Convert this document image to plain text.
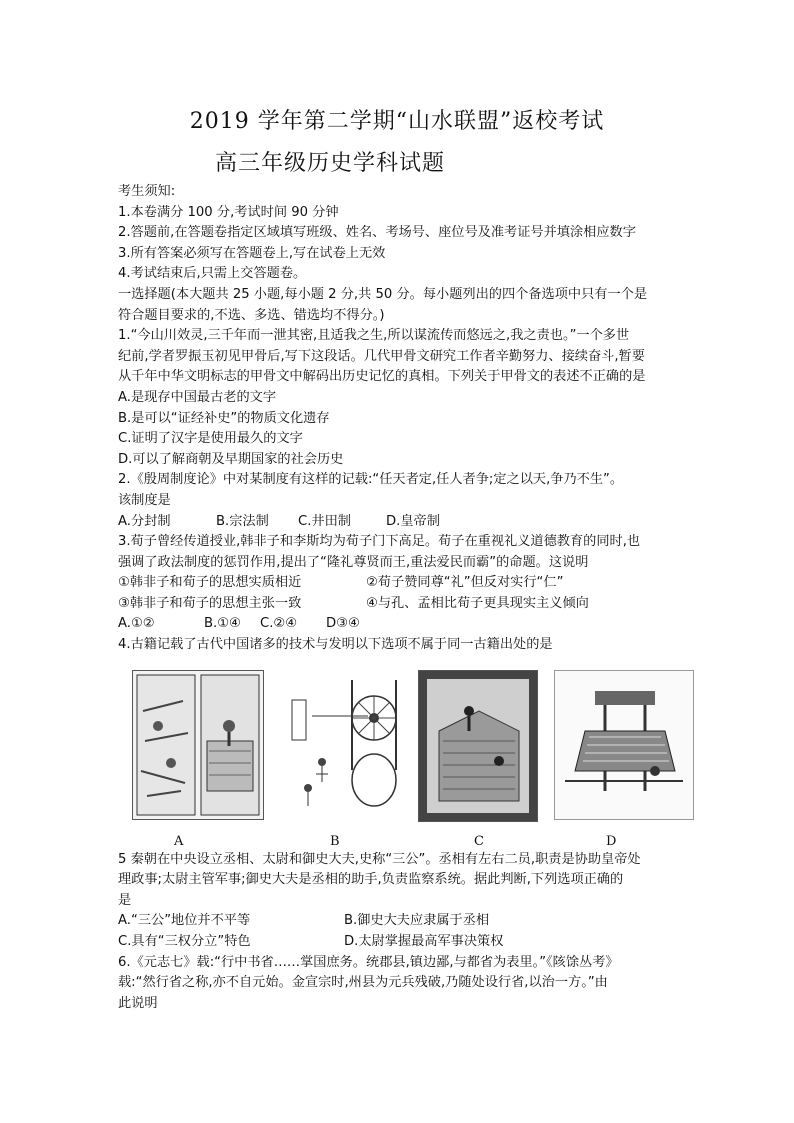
2019 学年第二学期“山水联盟”返校考试
高三年级历史学科试题
考生须知:
1.本卷满分 100 分,考试时间 90 分钟
2.答题前,在答题卷指定区域填写班级、姓名、考场号、座位号及准考证号并填涂相应数字
3.所有答案必须写在答题卷上,写在试卷上无效
4.考试结束后,只需上交答题卷。
一选择题(本大题共 25 小题,每小题 2 分,共 50 分。每小题列出的四个备选项中只有一个是
符合题目要求的,不选、多选、错选均不得分。)
1.“今山川效灵,三千年而一泄其密,且适我之生,所以谋流传而悠远之,我之责也。”一个多世
纪前,学者罗振玉初见甲骨后,写下这段话。几代甲骨文研究工作者辛勤努力、接续奋斗,暂要
从千年中华文明标志的甲骨文中解码出历史记忆的真相。下列关于甲骨文的表述不正确的是
A.是现存中国最古老的文字
B.是可以“证经补史”的物质文化遗存
C.证明了汉字是使用最久的文字
D.可以了解商朝及早期国家的社会历史
2.《殷周制度论》中对某制度有这样的记载:“任天者定,任人者争;定之以天,争乃不生”。
该制度是
A.分封制	B.宗法制	C.井田制	D.皇帝制
3.荀子曾经传道授业,韩非子和李斯均为荀子门下高足。荀子在重视礼义道德教育的同时,也
强调了政法制度的惩罚作用,提出了“隆礼尊贤而王,重法爱民而霸”的命题。这说明
①韩非子和荀子的思想实质相近	②荀子赞同尊“礼”但反对实行“仁”
③韩非子和荀子的思想主张一致	④与孔、孟相比荀子更具现实主义倾向
A.①②	B.①④	C.②④	D③④
4.古籍记载了古代中国诸多的技术与发明以下选项不属于同一古籍出处的是
A	B	C	D
5 秦朝在中央设立丞相、太尉和御史大夫,史称“三公”。丞相有左右二员,职责是协助皇帝处
理政事;太尉主管军事;御史大夫是丞相的助手,负责监察系统。据此判断,下列选项正确的
是
A.“三公”地位并不平等	B.御史大夫应隶属于丞相
C.具有“三权分立”特色	D.太尉掌握最高军事决策权
6.《元志七》载:“行中书省……掌国庶务。统郡县,镇边鄙,与都省为表里。”《陔馀丛考》
载:“然行省之称,亦不自元始。金宣宗时,州县为元兵残破,乃随处设行省,以治一方。”由
此说明
